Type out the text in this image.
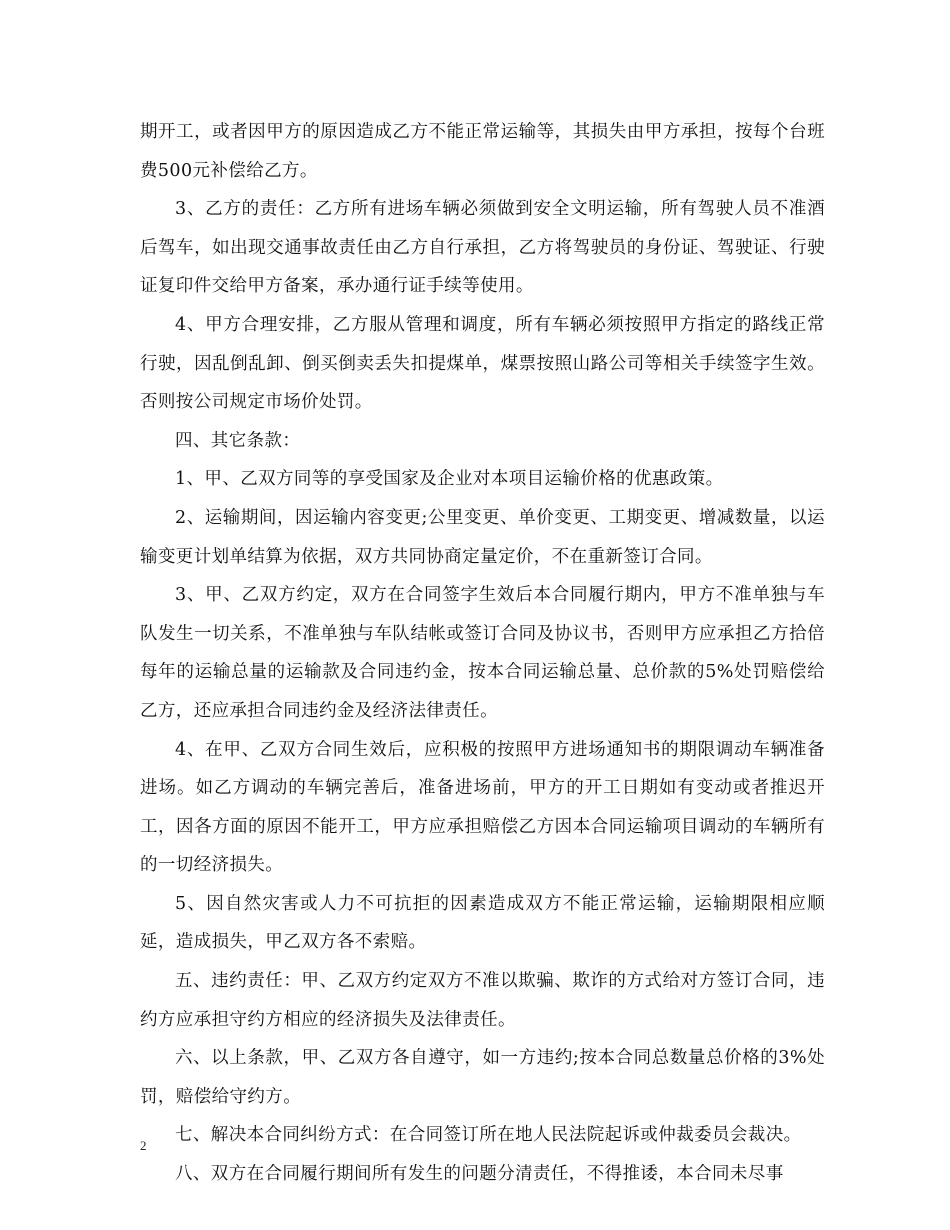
期开工，或者因甲方的原因造成乙方不能正常运输等，其损失由甲方承担，按每个台班费500元补偿给乙方。

3、乙方的责任：乙方所有进场车辆必须做到安全文明运输，所有驾驶人员不准酒后驾车，如出现交通事故责任由乙方自行承担，乙方将驾驶员的身份证、驾驶证、行驶证复印件交给甲方备案，承办通行证手续等使用。

4、甲方合理安排，乙方服从管理和调度，所有车辆必须按照甲方指定的路线正常行驶，因乱倒乱卸、倒买倒卖丢失扣提煤单，煤票按照山路公司等相关手续签字生效。否则按公司规定市场价处罚。

四、其它条款：

1、甲、乙双方同等的享受国家及企业对本项目运输价格的优惠政策。

2、运输期间，因运输内容变更;公里变更、单价变更、工期变更、增减数量，以运输变更计划单结算为依据，双方共同协商定量定价，不在重新签订合同。

3、甲、乙双方约定，双方在合同签字生效后本合同履行期内，甲方不准单独与车队发生一切关系，不准单独与车队结帐或签订合同及协议书，否则甲方应承担乙方拾倍每年的运输总量的运输款及合同违约金，按本合同运输总量、总价款的5%处罚赔偿给乙方，还应承担合同违约金及经济法律责任。

4、在甲、乙双方合同生效后，应积极的按照甲方进场通知书的期限调动车辆准备进场。如乙方调动的车辆完善后，准备进场前，甲方的开工日期如有变动或者推迟开工，因各方面的原因不能开工，甲方应承担赔偿乙方因本合同运输项目调动的车辆所有的一切经济损失。

5、因自然灾害或人力不可抗拒的因素造成双方不能正常运输，运输期限相应顺延，造成损失，甲乙双方各不索赔。

五、违约责任：甲、乙双方约定双方不准以欺骗、欺诈的方式给对方签订合同，违约方应承担守约方相应的经济损失及法律责任。

六、以上条款，甲、乙双方各自遵守，如一方违约;按本合同总数量总价格的3%处罚，赔偿给守约方。

七、解决本合同纠纷方式：在合同签订所在地人民法院起诉或仲裁委员会裁决。

八、双方在合同履行期间所有发生的问题分清责任，不得推诿，本合同未尽事

2
